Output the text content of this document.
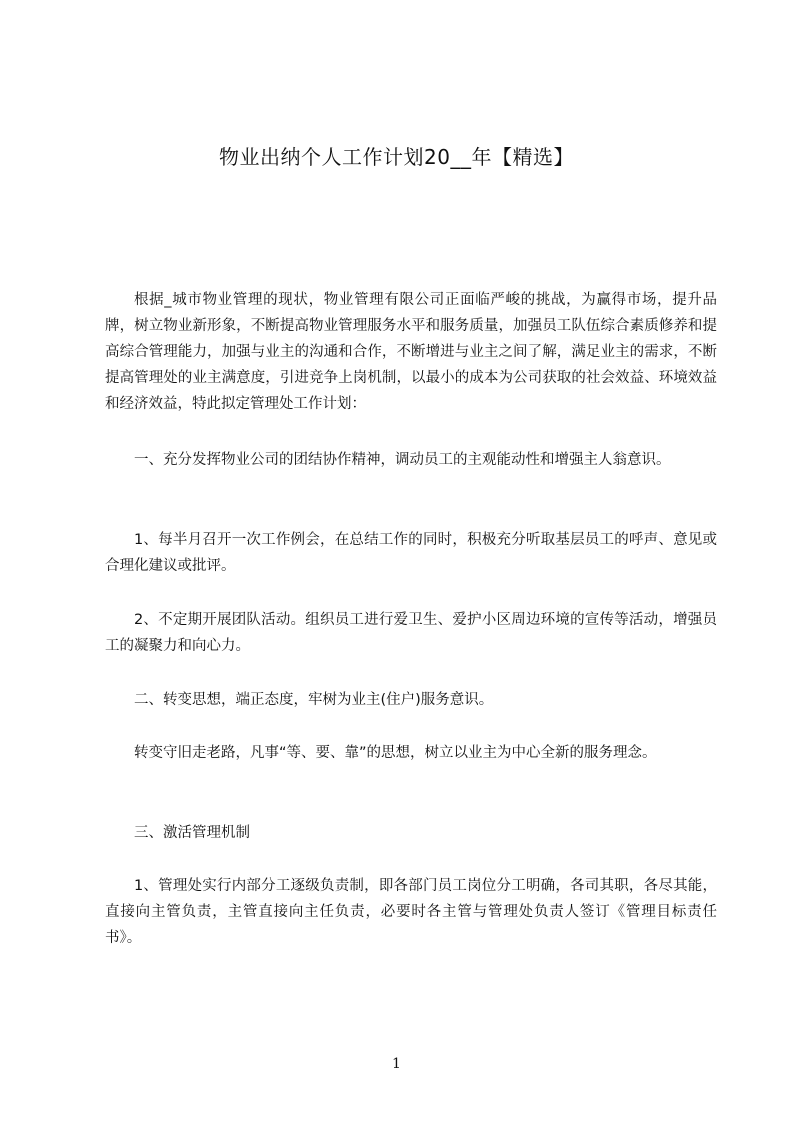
物业出纳个人工作计划20__年【精选】

根据_城市物业管理的现状，物业管理有限公司正面临严峻的挑战，为赢得市场，提升品牌，树立物业新形象，不断提高物业管理服务水平和服务质量，加强员工队伍综合素质修养和提高综合管理能力，加强与业主的沟通和合作，不断增进与业主之间了解，满足业主的需求，不断提高管理处的业主满意度，引进竞争上岗机制，以最小的成本为公司获取的社会效益、环境效益和经济效益，特此拟定管理处工作计划：

一、充分发挥物业公司的团结协作精神，调动员工的主观能动性和增强主人翁意识。

1、每半月召开一次工作例会，在总结工作的同时，积极充分听取基层员工的呼声、意见或合理化建议或批评。

2、不定期开展团队活动。组织员工进行爱卫生、爱护小区周边环境的宣传等活动，增强员工的凝聚力和向心力。

二、转变思想，端正态度，牢树为业主(住户)服务意识。

转变守旧走老路，凡事“等、要、靠”的思想，树立以业主为中心全新的服务理念。

三、激活管理机制

1、管理处实行内部分工逐级负责制，即各部门员工岗位分工明确，各司其职，各尽其能，直接向主管负责，主管直接向主任负责，必要时各主管与管理处负责人签订《管理目标责任书》。

1
